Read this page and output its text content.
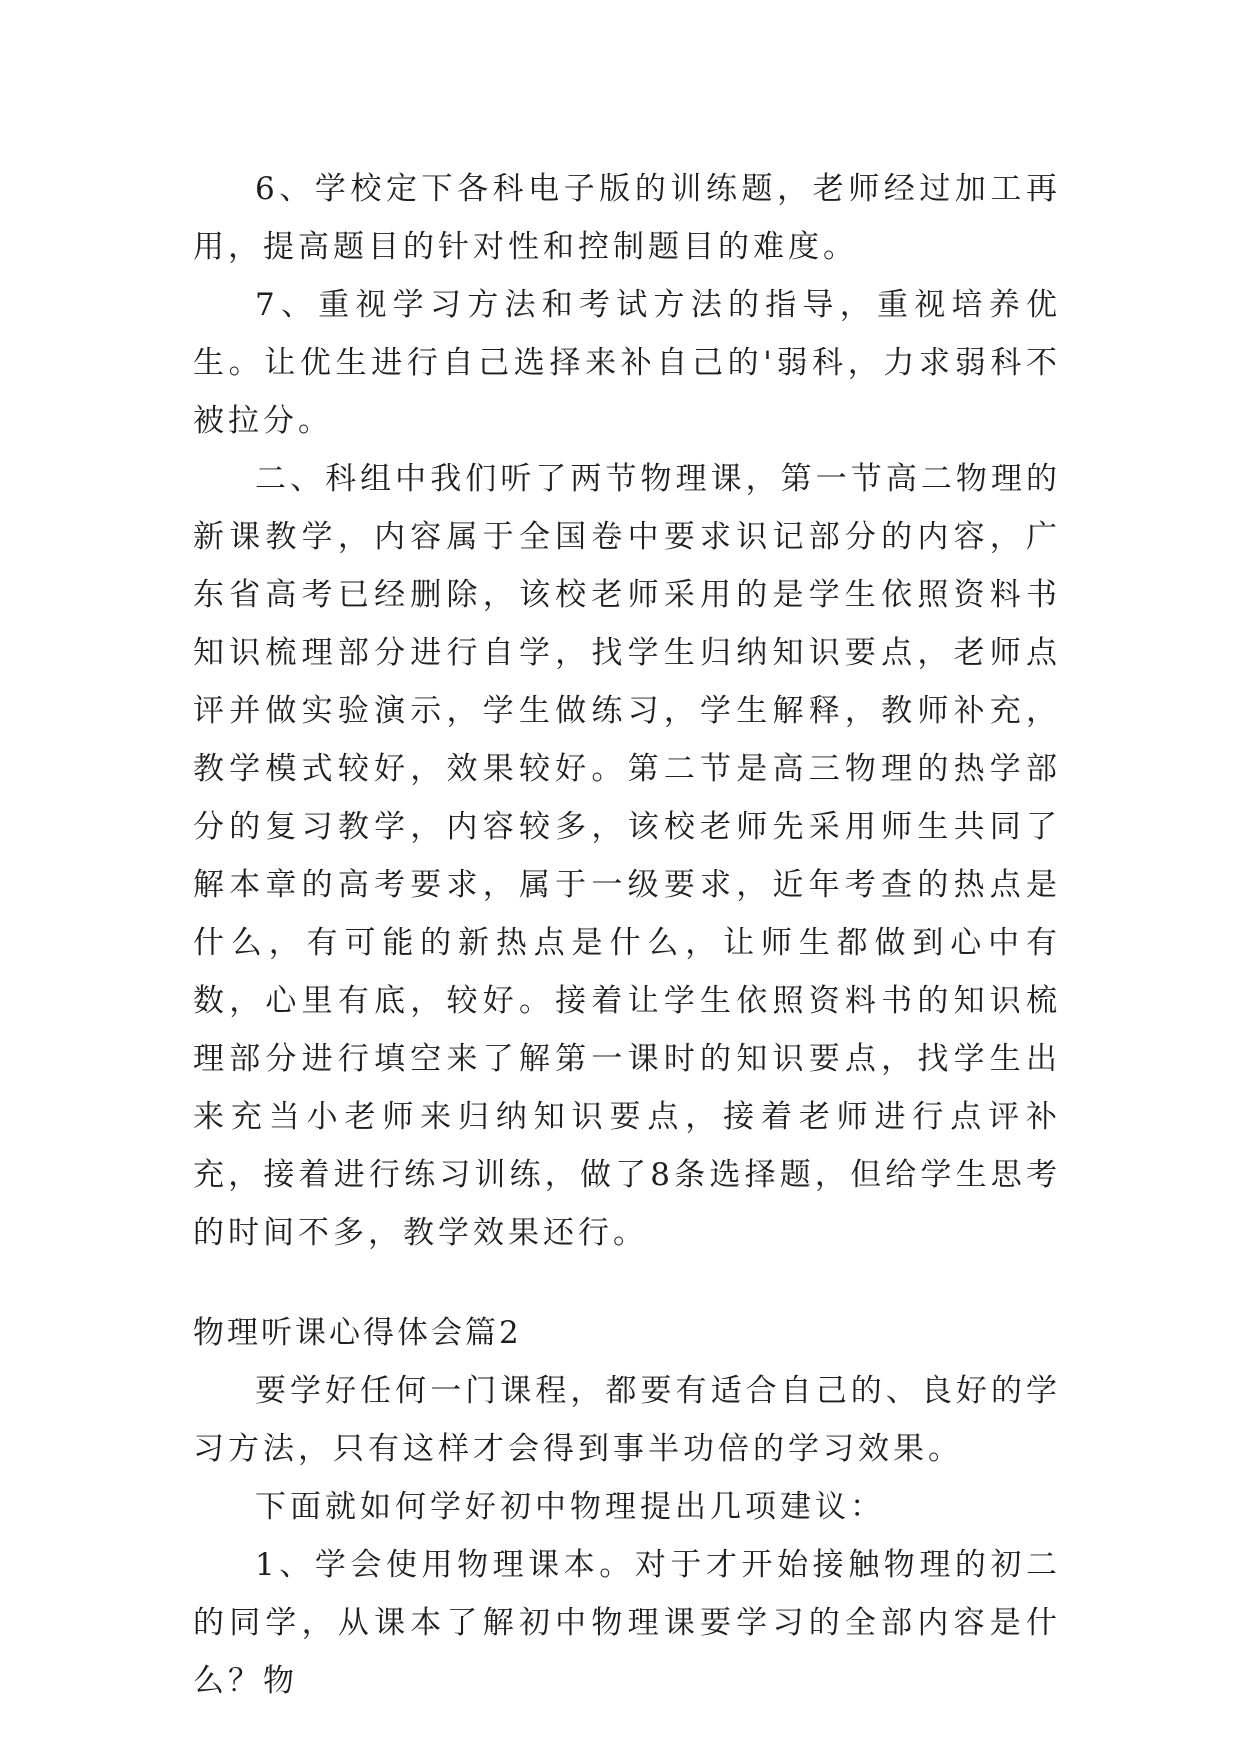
6、学校定下各科电子版的训练题，老师经过加工再用，提高题目的针对性和控制题目的难度。

7、重视学习方法和考试方法的指导，重视培养优生。让优生进行自己选择来补自己的'弱科，力求弱科不被拉分。

二、科组中我们听了两节物理课，第一节高二物理的新课教学，内容属于全国卷中要求识记部分的内容，广东省高考已经删除，该校老师采用的是学生依照资料书知识梳理部分进行自学，找学生归纳知识要点，老师点评并做实验演示，学生做练习，学生解释，教师补充，教学模式较好，效果较好。第二节是高三物理的热学部分的复习教学，内容较多，该校老师先采用师生共同了解本章的高考要求，属于一级要求，近年考查的热点是什么，有可能的新热点是什么，让师生都做到心中有数，心里有底，较好。接着让学生依照资料书的知识梳理部分进行填空来了解第一课时的知识要点，找学生出来充当小老师来归纳知识要点，接着老师进行点评补充，接着进行练习训练，做了8条选择题，但给学生思考的时间不多，教学效果还行。

物理听课心得体会篇2

要学好任何一门课程，都要有适合自己的、良好的学习方法，只有这样才会得到事半功倍的学习效果。

下面就如何学好初中物理提出几项建议：

1、学会使用物理课本。对于才开始接触物理的初二的同学，从课本了解初中物理课要学习的全部内容是什么？物
